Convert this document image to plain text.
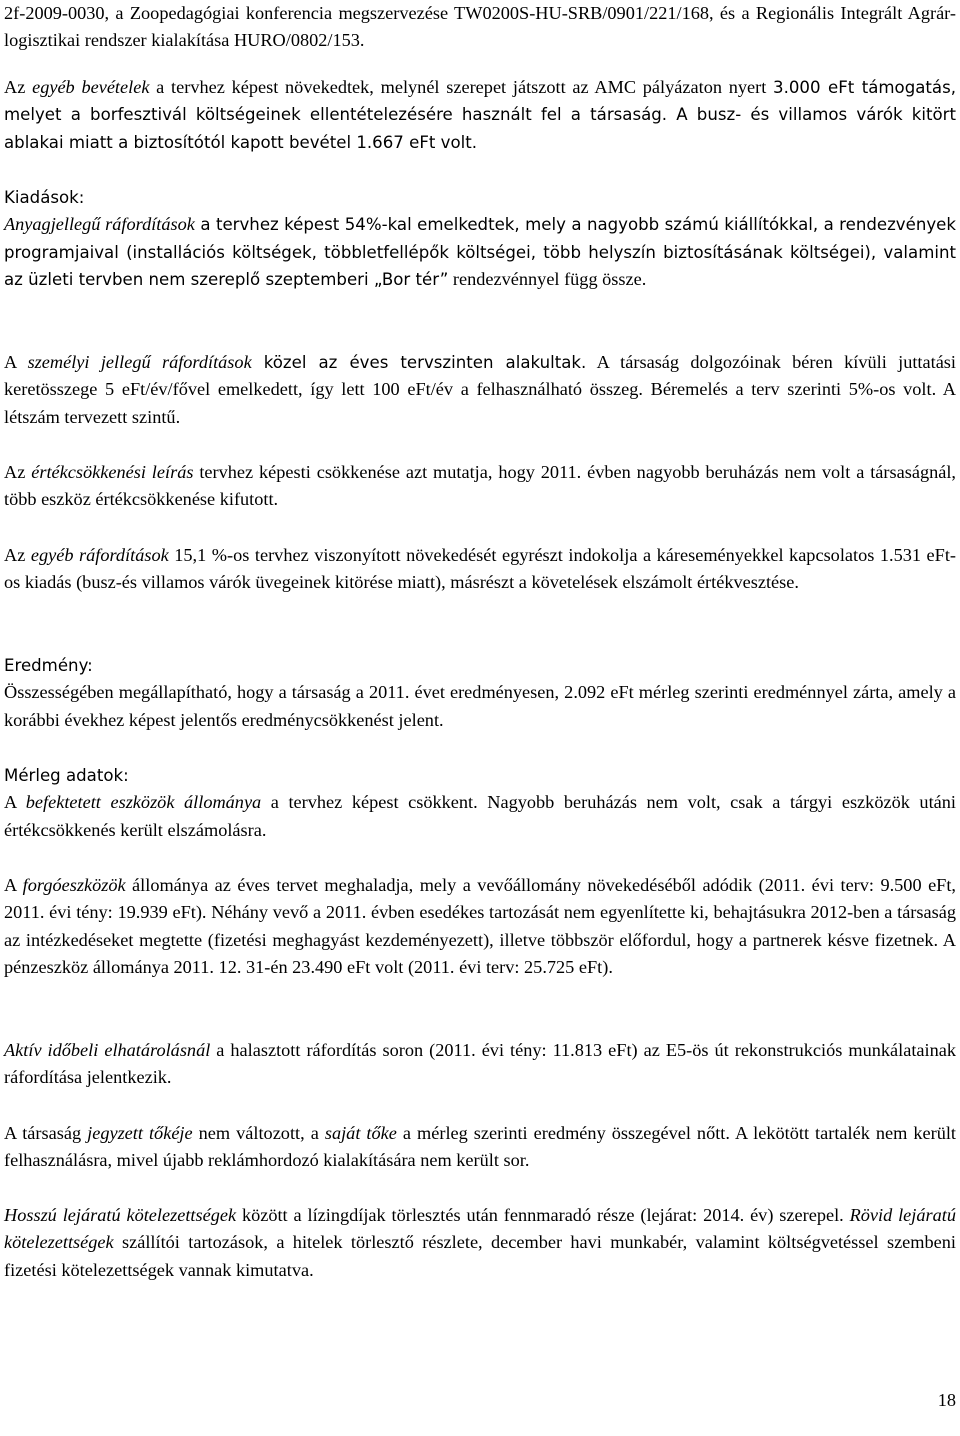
2f-2009-0030, a Zoopedagógiai konferencia megszervezése TW0200S-HU-SRB/0901/221/168, és a Regionális Integrált Agrár-logisztikai rendszer kialakítása HURO/0802/153.

Az egyéb bevételek a tervhez képest növekedtek, melynél szerepet játszott az AMC pályázaton nyert 3.000 eFt támogatás, melyet a borfesztivál költségeinek ellentételezésére használt fel a társaság. A busz- és villamos várók kitört ablakai miatt a biztosítótól kapott bevétel 1.667 eFt volt.

Kiadások:

Anyagjellegű ráfordítások a tervhez képest 54%-kal emelkedtek, mely a nagyobb számú kiállítókkal, a rendezvények programjaival (installációs költségek, többletfellépők költségei, több helyszín biztosításának költségei), valamint az üzleti tervben nem szereplő szeptemberi „Bor tér” rendezvénnyel függ össze.

A személyi jellegű ráfordítások közel az éves tervszinten alakultak. A társaság dolgozóinak béren kívüli juttatási keretösszege 5 eFt/év/fővel emelkedett, így lett 100 eFt/év a felhasználható összeg. Béremelés a terv szerinti 5%-os volt. A létszám tervezett szintű.

Az értékcsökkenési leírás tervhez képesti csökkenése azt mutatja, hogy 2011. évben nagyobb beruházás nem volt a társaságnál, több eszköz értékcsökkenése kifutott.

Az egyéb ráfordítások 15,1 %-os tervhez viszonyított növekedését egyrészt indokolja a káreseményekkel kapcsolatos 1.531 eFt-os kiadás (busz-és villamos várók üvegeinek kitörése miatt), másrészt a követelések elszámolt értékvesztése.

Eredmény:

Összességében megállapítható, hogy a társaság a 2011. évet eredményesen, 2.092 eFt mérleg szerinti eredménnyel zárta, amely a korábbi évekhez képest jelentős eredménycsökkenést jelent.

Mérleg adatok:

A befektetett eszközök állománya a tervhez képest csökkent. Nagyobb beruházás nem volt, csak a tárgyi eszközök utáni értékcsökkenés került elszámolásra.

A forgóeszközök állománya az éves tervet meghaladja, mely a vevőállomány növekedéséből adódik (2011. évi terv: 9.500 eFt, 2011. évi tény: 19.939 eFt). Néhány vevő a 2011. évben esedékes tartozását nem egyenlítette ki, behajtásukra 2012-ben a társaság az intézkedéseket megtette (fizetési meghagyást kezdeményezett), illetve többször előfordul, hogy a partnerek késve fizetnek. A pénzeszköz állománya 2011. 12. 31-én 23.490 eFt volt (2011. évi terv: 25.725 eFt).

Aktív időbeli elhatárolásnál a halasztott ráfordítás soron (2011. évi tény: 11.813 eFt) az E5-ös út rekonstrukciós munkálatainak ráfordítása jelentkezik.

A társaság jegyzett tőkéje nem változott, a saját tőke a mérleg szerinti eredmény összegével nőtt. A lekötött tartalék nem került felhasználásra, mivel újabb reklámhordozó kialakítására nem került sor.

Hosszú lejáratú kötelezettségek között a lízingdíjak törlesztés után fennmaradó része (lejárat: 2014. év) szerepel. Rövid lejáratú kötelezettségek szállítói tartozások, a hitelek törlesztő részlete, december havi munkabér, valamint költségvetéssel szembeni fizetési kötelezettségek vannak kimutatva.

18
